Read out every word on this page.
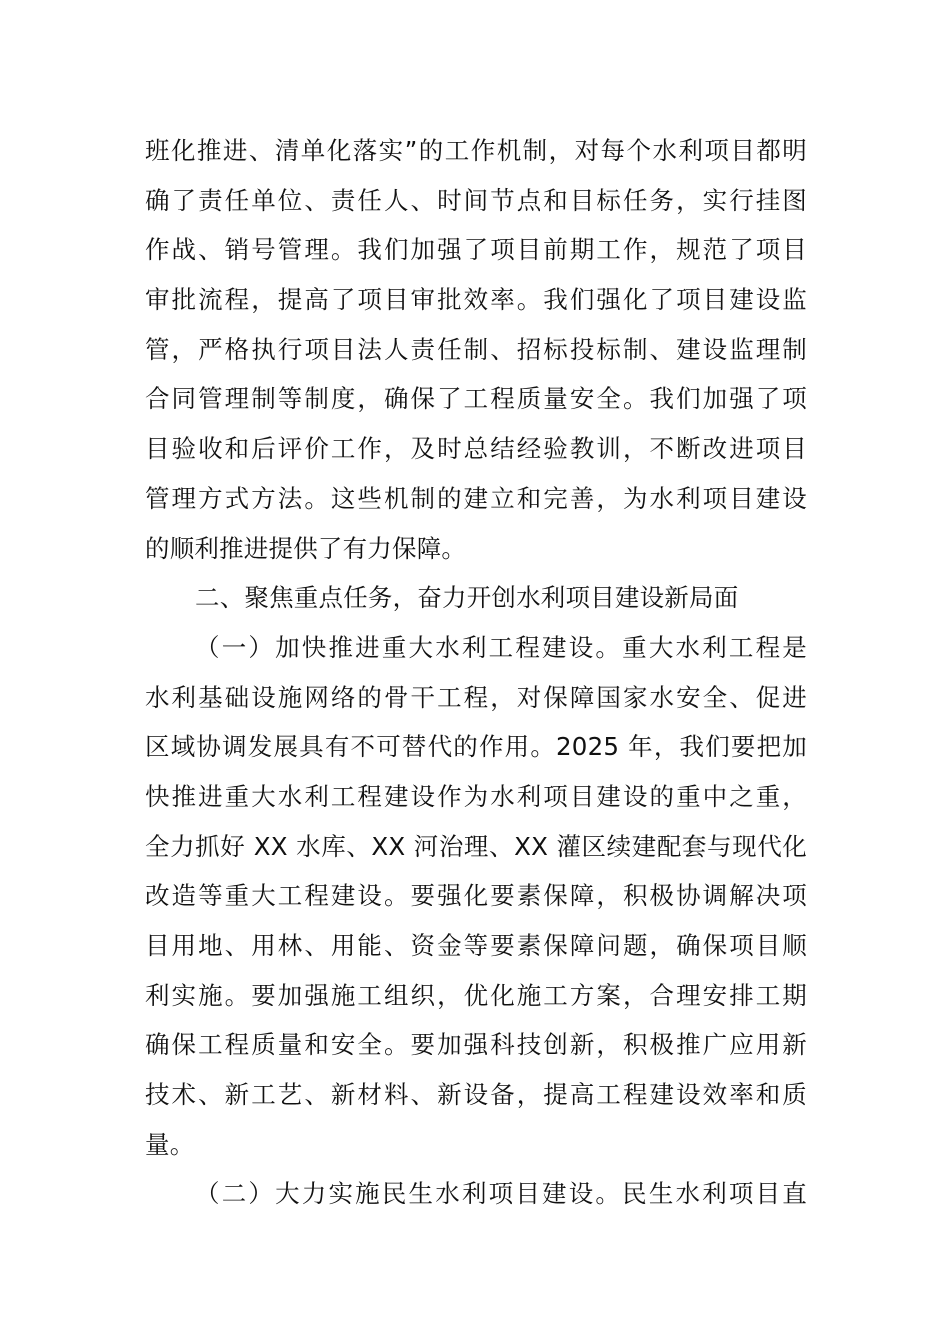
班化推进、清单化落实”的工作机制，对每个水利项目都明
确了责任单位、责任人、时间节点和目标任务，实行挂图
作战、销号管理。我们加强了项目前期工作，规范了项目
审批流程，提高了项目审批效率。我们强化了项目建设监
管，严格执行项目法人责任制、招标投标制、建设监理制
合同管理制等制度，确保了工程质量安全。我们加强了项
目验收和后评价工作，及时总结经验教训，不断改进项目
管理方式方法。这些机制的建立和完善，为水利项目建设
的顺利推进提供了有力保障。
二、聚焦重点任务，奋力开创水利项目建设新局面
（一）加快推进重大水利工程建设。重大水利工程是
水利基础设施网络的骨干工程，对保障国家水安全、促进
区域协调发展具有不可替代的作用。2025 年，我们要把加
快推进重大水利工程建设作为水利项目建设的重中之重，
全力抓好 XX 水库、XX 河治理、XX 灌区续建配套与现代化
改造等重大工程建设。要强化要素保障，积极协调解决项
目用地、用林、用能、资金等要素保障问题，确保项目顺
利实施。要加强施工组织，优化施工方案，合理安排工期
确保工程质量和安全。要加强科技创新，积极推广应用新
技术、新工艺、新材料、新设备，提高工程建设效率和质
量。
（二）大力实施民生水利项目建设。民生水利项目直
